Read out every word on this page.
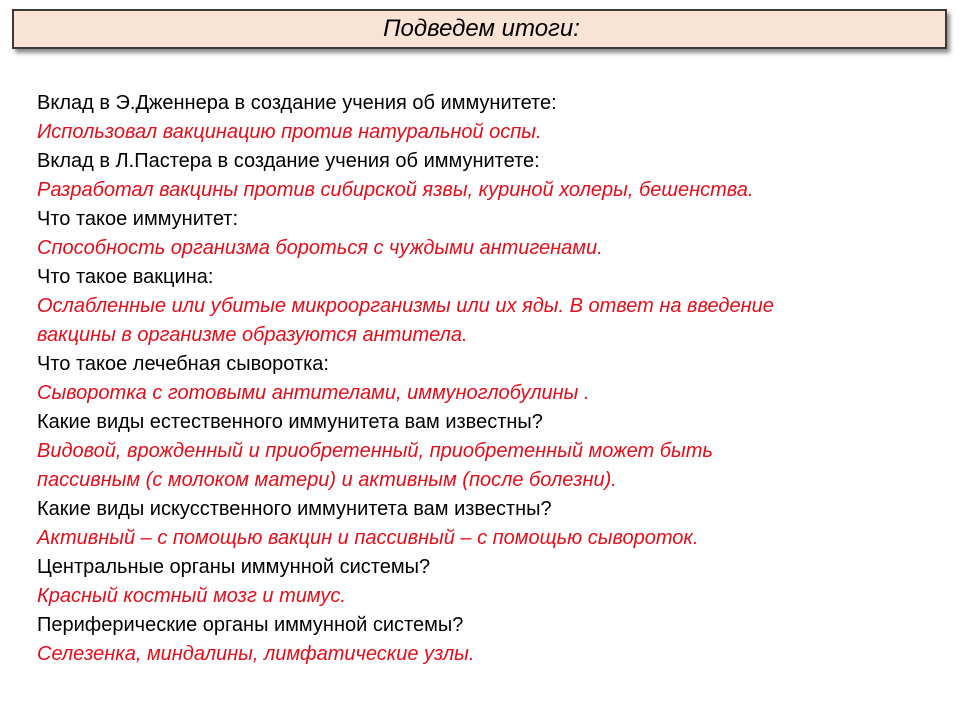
Подведем итоги:
Вклад в Э.Дженнера в создание учения об иммунитете:
Использовал вакцинацию против натуральной оспы.
Вклад в Л.Пастера в создание учения об иммунитете:
Разработал вакцины против сибирской язвы, куриной холеры, бешенства.
Что такое иммунитет:
Способность организма бороться с чуждыми антигенами.
Что такое вакцина:
Ослабленные или убитые микроорганизмы или их яды. В ответ на введение
вакцины в организме образуются антитела.
Что такое лечебная сыворотка:
Сыворотка с готовыми антителами, иммуноглобулины .
Какие виды естественного иммунитета вам известны?
Видовой, врожденный и приобретенный, приобретенный может быть
пассивным (с молоком матери) и активным (после болезни).
Какие виды искусственного иммунитета вам известны?
Активный – с помощью вакцин и пассивный – с помощью сывороток.
Центральные органы иммунной системы?
Красный костный мозг и тимус.
Периферические органы иммунной системы?
Селезенка, миндалины, лимфатические узлы.
